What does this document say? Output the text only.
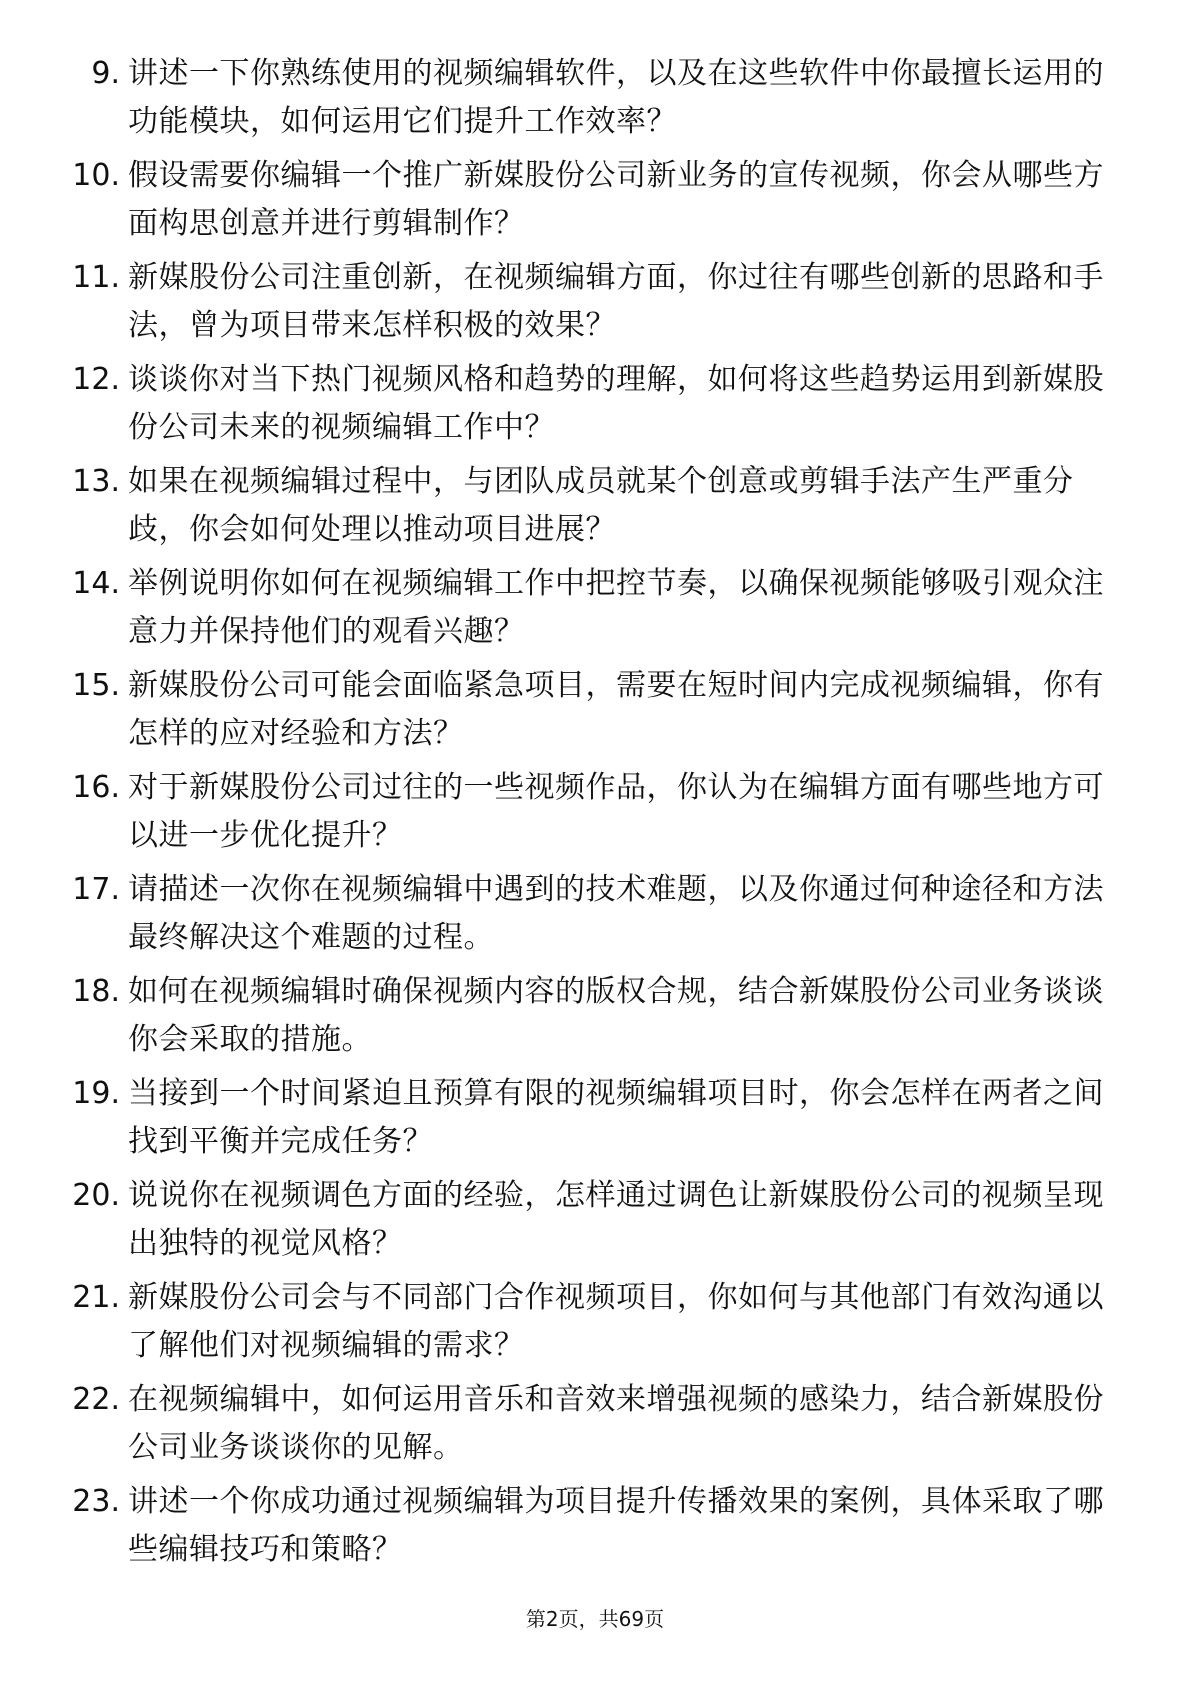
9. 讲述一下你熟练使用的视频编辑软件，以及在这些软件中你最擅长运用的功能模块，如何运用它们提升工作效率？
10. 假设需要你编辑一个推广新媒股份公司新业务的宣传视频，你会从哪些方面构思创意并进行剪辑制作？
11. 新媒股份公司注重创新，在视频编辑方面，你过往有哪些创新的思路和手法，曾为项目带来怎样积极的效果？
12. 谈谈你对当下热门视频风格和趋势的理解，如何将这些趋势运用到新媒股份公司未来的视频编辑工作中？
13. 如果在视频编辑过程中，与团队成员就某个创意或剪辑手法产生严重分歧，你会如何处理以推动项目进展？
14. 举例说明你如何在视频编辑工作中把控节奏，以确保视频能够吸引观众注意力并保持他们的观看兴趣？
15. 新媒股份公司可能会面临紧急项目，需要在短时间内完成视频编辑，你有怎样的应对经验和方法？
16. 对于新媒股份公司过往的一些视频作品，你认为在编辑方面有哪些地方可以进一步优化提升？
17. 请描述一次你在视频编辑中遇到的技术难题，以及你通过何种途径和方法最终解决这个难题的过程。
18. 如何在视频编辑时确保视频内容的版权合规，结合新媒股份公司业务谈谈你会采取的措施。
19. 当接到一个时间紧迫且预算有限的视频编辑项目时，你会怎样在两者之间找到平衡并完成任务？
20. 说说你在视频调色方面的经验，怎样通过调色让新媒股份公司的视频呈现出独特的视觉风格？
21. 新媒股份公司会与不同部门合作视频项目，你如何与其他部门有效沟通以了解他们对视频编辑的需求？
22. 在视频编辑中，如何运用音乐和音效来增强视频的感染力，结合新媒股份公司业务谈谈你的见解。
23. 讲述一个你成功通过视频编辑为项目提升传播效果的案例，具体采取了哪些编辑技巧和策略？
第2页，共69页
